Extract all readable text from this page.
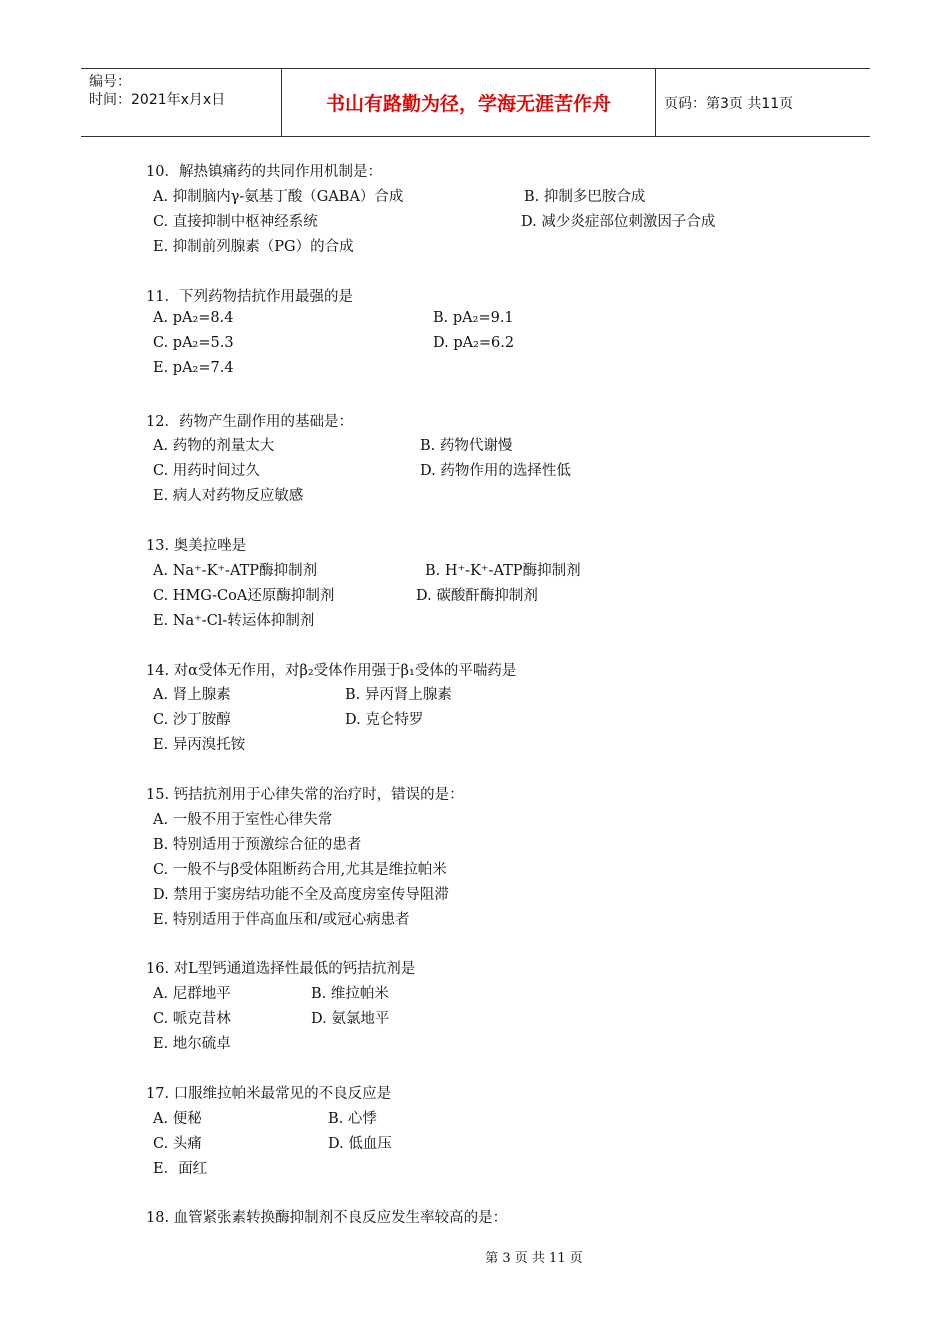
编号：
时间：2021年x月x日	书山有路勤为径，学海无涯苦作舟	页码：第3页 共11页
10．解热镇痛药的共同作用机制是：
A. 抑制脑内γ-氨基丁酸（GABA）合成	B. 抑制多巴胺合成
C. 直接抑制中枢神经系统	D. 减少炎症部位刺激因子合成
E. 抑制前列腺素（PG）的合成
11．下列药物拮抗作用最强的是
A. pA₂=8.4	B. pA₂=9.1
C. pA₂=5.3	D. pA₂=6.2
E. pA₂=7.4
12．药物产生副作用的基础是：
A. 药物的剂量太大	B. 药物代谢慢
C. 用药时间过久	D. 药物作用的选择性低
E. 病人对药物反应敏感
13. 奥美拉唑是
A. Na⁺-K⁺-ATP酶抑制剂	B. H⁺-K⁺-ATP酶抑制剂
C. HMG-CoA还原酶抑制剂	D. 碳酸酐酶抑制剂
E. Na⁺-Cl-转运体抑制剂
14. 对α受体无作用，对β₂受体作用强于β₁受体的平喘药是
A. 肾上腺素	B. 异丙肾上腺素
C. 沙丁胺醇	D. 克仑特罗
E. 异丙溴托铵
15. 钙拮抗剂用于心律失常的治疗时，错误的是：
A. 一般不用于室性心律失常
B. 特别适用于预激综合征的患者
C. 一般不与β受体阻断药合用,尤其是维拉帕米
D. 禁用于窦房结功能不全及高度房室传导阻滞
E. 特别适用于伴高血压和/或冠心病患者
16. 对L型钙通道选择性最低的钙拮抗剂是
A. 尼群地平	B. 维拉帕米
C. 哌克昔林	D. 氨氯地平
E. 地尔硫卓
17. 口服维拉帕米最常见的不良反应是
A. 便秘	B. 心悸
C. 头痛	D. 低血压
E．面红
18. 血管紧张素转换酶抑制剂不良反应发生率较高的是：
第 3 页 共 11 页
